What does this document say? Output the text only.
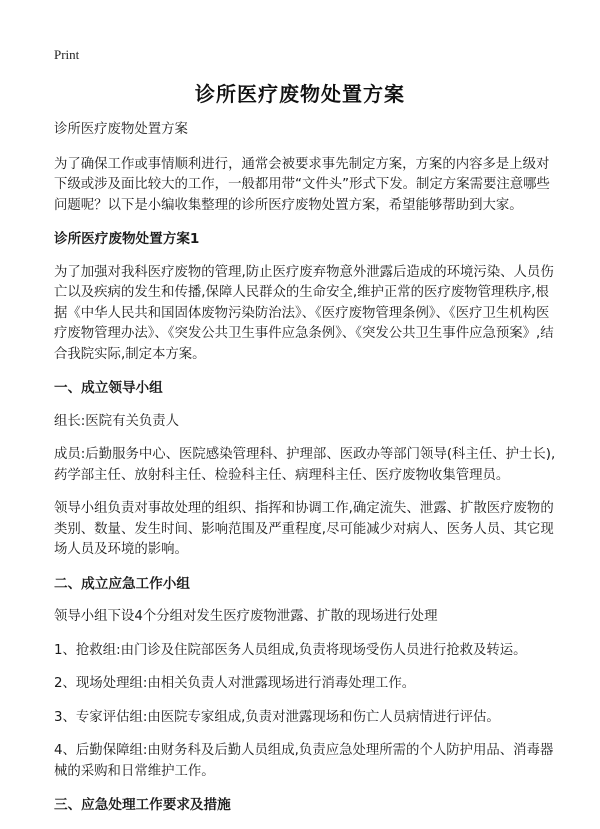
Print
诊所医疗废物处置方案

诊所医疗废物处置方案

为了确保工作或事情顺利进行，通常会被要求事先制定方案，方案的内容多是上级对下级或涉及面比较大的工作，一般都用带“文件头”形式下发。制定方案需要注意哪些问题呢？以下是小编收集整理的诊所医疗废物处置方案，希望能够帮助到大家。

诊所医疗废物处置方案1

为了加强对我科医疗废物的管理,防止医疗废弃物意外泄露后造成的环境污染、人员伤亡以及疾病的发生和传播,保障人民群众的生命安全,维护正常的医疗废物管理秩序,根据《中华人民共和国固体废物污染防治法》、《医疗废物管理条例》、《医疗卫生机构医疗废物管理办法》、《突发公共卫生事件应急条例》、《突发公共卫生事件应急预案》,结合我院实际,制定本方案。

一、成立领导小组

组长:医院有关负责人

成员:后勤服务中心、医院感染管理科、护理部、医政办等部门领导(科主任、护士长),药学部主任、放射科主任、检验科主任、病理科主任、医疗废物收集管理员。

领导小组负责对事故处理的组织、指挥和协调工作,确定流失、泄露、扩散医疗废物的类别、数量、发生时间、影响范围及严重程度,尽可能减少对病人、医务人员、其它现场人员及环境的影响。

二、成立应急工作小组

领导小组下设4个分组对发生医疗废物泄露、扩散的现场进行处理

1、抢救组:由门诊及住院部医务人员组成,负责将现场受伤人员进行抢救及转运。

2、现场处理组:由相关负责人对泄露现场进行消毒处理工作。

3、专家评估组:由医院专家组成,负责对泄露现场和伤亡人员病情进行评估。

4、后勤保障组:由财务科及后勤人员组成,负责应急处理所需的个人防护用品、消毒器械的采购和日常维护工作。

三、应急处理工作要求及措施
